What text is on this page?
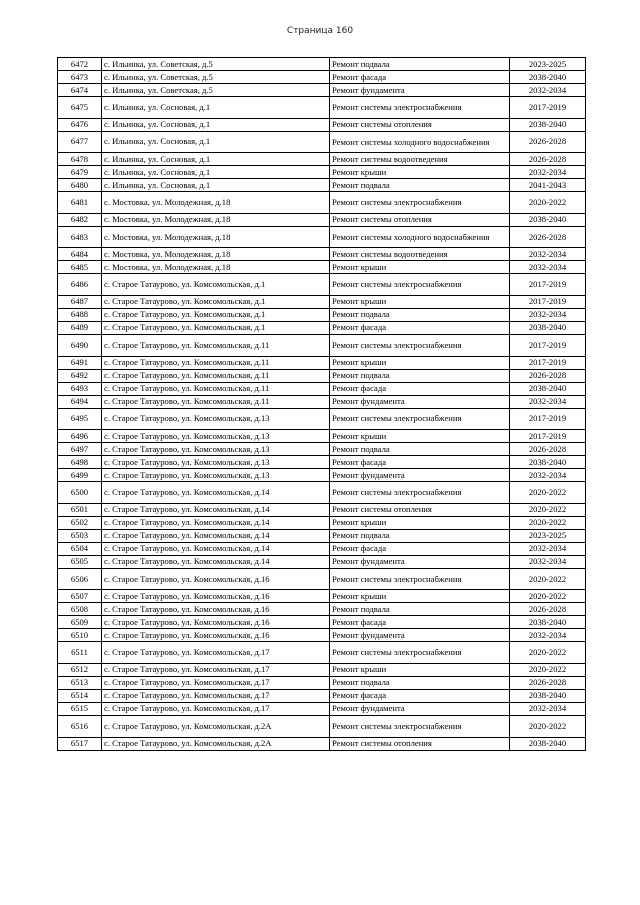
Страница 160
6472	с. Ильинка, ул. Советская, д.5	Ремонт подвала	2023-2025
6473	с. Ильинка, ул. Советская, д.5	Ремонт фасада	2038-2040
6474	с. Ильинка, ул. Советская, д.5	Ремонт фундамента	2032-2034
6475	с. Ильинка, ул. Сосновая, д.1	Ремонт системы электроснабжения	2017-2019
6476	с. Ильинка, ул. Сосновая, д.1	Ремонт системы отопления	2038-2040
6477	с. Ильинка, ул. Сосновая, д.1	Ремонт системы холодного водоснабжения	2026-2028
6478	с. Ильинка, ул. Сосновая, д.1	Ремонт системы водоотведения	2026-2028
6479	с. Ильинка, ул. Сосновая, д.1	Ремонт крыши	2032-2034
6480	с. Ильинка, ул. Сосновая, д.1	Ремонт подвала	2041-2043
6481	с. Мостовка, ул. Молодежная, д.18	Ремонт системы электроснабжения	2020-2022
6482	с. Мостовка, ул. Молодежная, д.18	Ремонт системы отопления	2038-2040
6483	с. Мостовка, ул. Молодежная, д.18	Ремонт системы холодного водоснабжения	2026-2028
6484	с. Мостовка, ул. Молодежная, д.18	Ремонт системы водоотведения	2032-2034
6485	с. Мостовка, ул. Молодежная, д.18	Ремонт крыши	2032-2034
6486	с. Старое Татаурово, ул. Комсомольская, д.1	Ремонт системы электроснабжения	2017-2019
6487	с. Старое Татаурово, ул. Комсомольская, д.1	Ремонт крыши	2017-2019
6488	с. Старое Татаурово, ул. Комсомольская, д.1	Ремонт подвала	2032-2034
6489	с. Старое Татаурово, ул. Комсомольская, д.1	Ремонт фасада	2038-2040
6490	с. Старое Татаурово, ул. Комсомольская, д.11	Ремонт системы электроснабжения	2017-2019
6491	с. Старое Татаурово, ул. Комсомольская, д.11	Ремонт крыши	2017-2019
6492	с. Старое Татаурово, ул. Комсомольская, д.11	Ремонт подвала	2026-2028
6493	с. Старое Татаурово, ул. Комсомольская, д.11	Ремонт фасада	2038-2040
6494	с. Старое Татаурово, ул. Комсомольская, д.11	Ремонт фундамента	2032-2034
6495	с. Старое Татаурово, ул. Комсомольская, д.13	Ремонт системы электроснабжения	2017-2019
6496	с. Старое Татаурово, ул. Комсомольская, д.13	Ремонт крыши	2017-2019
6497	с. Старое Татаурово, ул. Комсомольская, д.13	Ремонт подвала	2026-2028
6498	с. Старое Татаурово, ул. Комсомольская, д.13	Ремонт фасада	2038-2040
6499	с. Старое Татаурово, ул. Комсомольская, д.13	Ремонт фундамента	2032-2034
6500	с. Старое Татаурово, ул. Комсомольская, д.14	Ремонт системы электроснабжения	2020-2022
6501	с. Старое Татаурово, ул. Комсомольская, д.14	Ремонт системы отопления	2020-2022
6502	с. Старое Татаурово, ул. Комсомольская, д.14	Ремонт крыши	2020-2022
6503	с. Старое Татаурово, ул. Комсомольская, д.14	Ремонт подвала	2023-2025
6504	с. Старое Татаурово, ул. Комсомольская, д.14	Ремонт фасада	2032-2034
6505	с. Старое Татаурово, ул. Комсомольская, д.14	Ремонт фундамента	2032-2034
6506	с. Старое Татаурово, ул. Комсомольская, д.16	Ремонт системы электроснабжения	2020-2022
6507	с. Старое Татаурово, ул. Комсомольская, д.16	Ремонт крыши	2020-2022
6508	с. Старое Татаурово, ул. Комсомольская, д.16	Ремонт подвала	2026-2028
6509	с. Старое Татаурово, ул. Комсомольская, д.16	Ремонт фасада	2038-2040
6510	с. Старое Татаурово, ул. Комсомольская, д.16	Ремонт фундамента	2032-2034
6511	с. Старое Татаурово, ул. Комсомольская, д.17	Ремонт системы электроснабжения	2020-2022
6512	с. Старое Татаурово, ул. Комсомольская, д.17	Ремонт крыши	2020-2022
6513	с. Старое Татаурово, ул. Комсомольская, д.17	Ремонт подвала	2026-2028
6514	с. Старое Татаурово, ул. Комсомольская, д.17	Ремонт фасада	2038-2040
6515	с. Старое Татаурово, ул. Комсомольская, д.17	Ремонт фундамента	2032-2034
6516	с. Старое Татаурово, ул. Комсомольская, д.2А	Ремонт системы электроснабжения	2020-2022
6517	с. Старое Татаурово, ул. Комсомольская, д.2А	Ремонт системы отопления	2038-2040
